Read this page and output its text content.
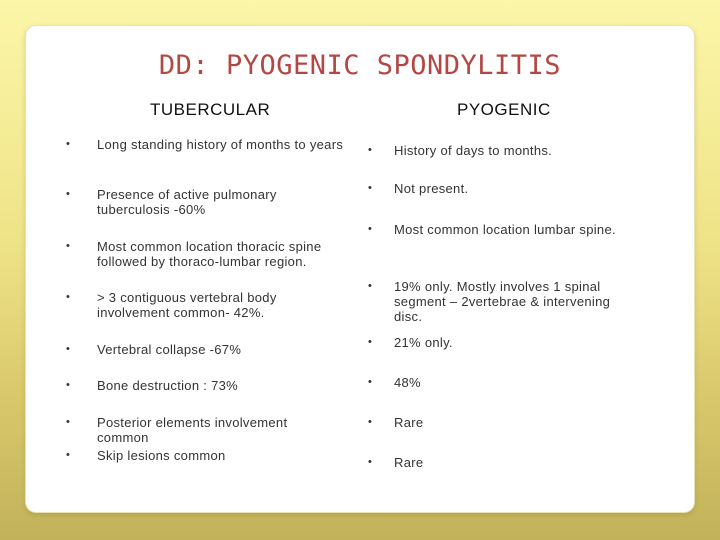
DD: PYOGENIC SPONDYLITIS
TUBERCULAR	PYOGENIC
• Long standing history of months to years
• Presence of active pulmonary tuberculosis -60%
• Most common location thoracic spine followed by thoraco-lumbar region.
• > 3 contiguous vertebral body involvement common- 42%.
• Vertebral collapse -67%
• Bone destruction : 73%
• Posterior elements involvement common
• Skip lesions common
• History of days to months.
• Not present.
• Most common location lumbar spine.
• 19% only. Mostly involves 1 spinal segment – 2vertebrae & intervening disc.
• 21% only.
• 48%
• Rare
• Rare
